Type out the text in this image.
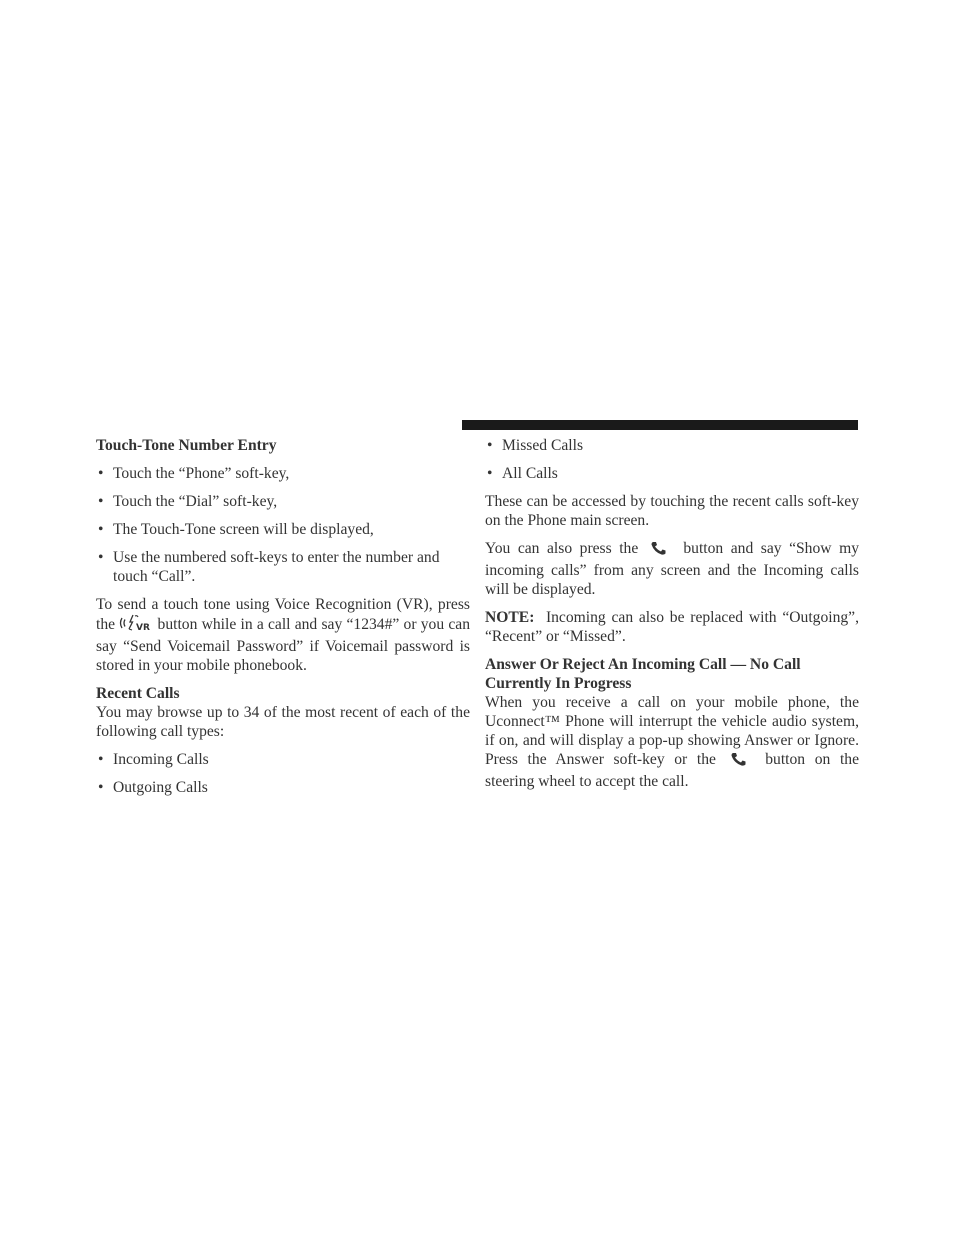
Touch-Tone Number Entry
• Touch the “Phone” soft-key,
• Touch the “Dial” soft-key,
• The Touch-Tone screen will be displayed,
• Use the numbered soft-keys to enter the number and touch “Call”.

To send a touch tone using Voice Recognition (VR), press the VR button while in a call and say “1234#” or you can say “Send Voicemail Password” if Voicemail password is stored in your mobile phonebook.

Recent Calls

You may browse up to 34 of the most recent of each of the following call types:

• Incoming Calls
• Outgoing Calls
• Missed Calls
• All Calls

These can be accessed by touching the recent calls soft-key on the Phone main screen.

You can also press the	button and say “Show my incoming calls” from any screen and the Incoming calls will be displayed.

NOTE: Incoming can also be replaced with “Outgoing”, “Recent” or “Missed”.

Answer Or Reject An Incoming Call — No Call Currently In Progress

When you receive a call on your mobile phone, the Uconnect™ Phone will interrupt the vehicle audio system, if on, and will display a pop-up showing Answer or Ignore. Press the Answer soft-key or the	button on the steering wheel to accept the call.
